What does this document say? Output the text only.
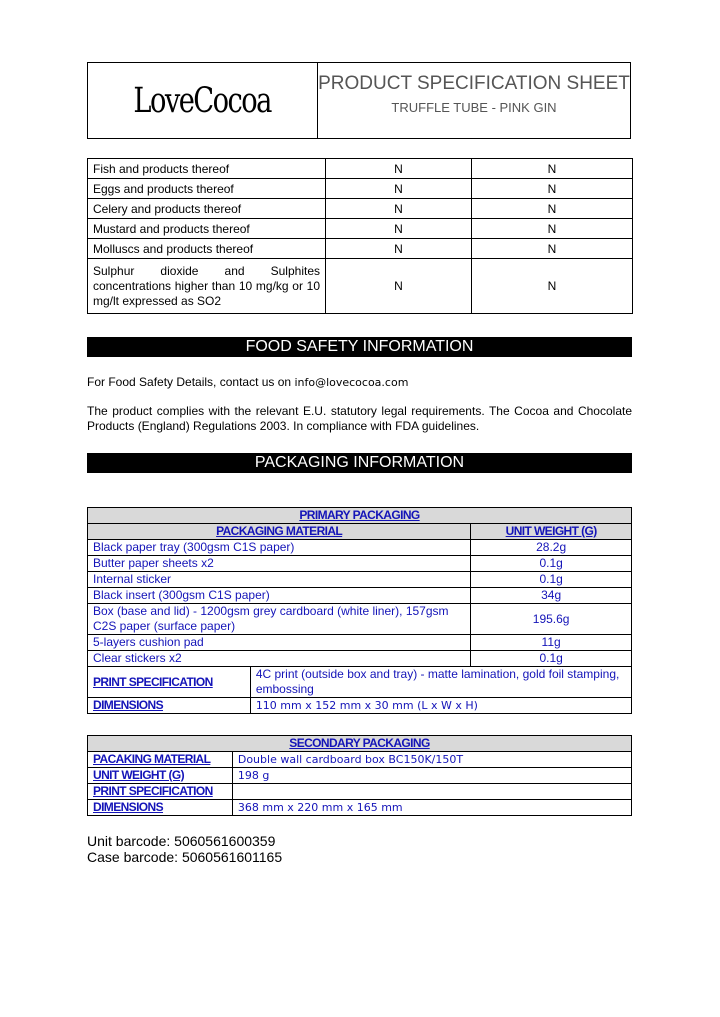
LoveCocoa PRODUCT SPECIFICATION SHEET
TRUFFLE TUBE - PINK GIN
Fish and products thereof	N	N
Eggs and products thereof	N	N
Celery and products thereof	N	N
Mustard and products thereof	N	N
Molluscs and products thereof	N	N
Sulphur dioxide and Sulphites concentrations higher than 10 mg/kg or 10 mg/lt expressed as SO2	N	N
FOOD SAFETY INFORMATION
For Food Safety Details, contact us on info@lovecocoa.com
The product complies with the relevant E.U. statutory legal requirements. The Cocoa and Chocolate Products (England) Regulations 2003. In compliance with FDA guidelines.
PACKAGING INFORMATION
PRIMARY PACKAGING		
PACKAGING MATERIAL		UNIT WEIGHT (G)
Black paper tray (300gsm C1S paper)		28.2g
Butter paper sheets x2		0.1g
Internal sticker		0.1g
Black insert (300gsm C1S paper)		34g
Box (base and lid) - 1200gsm grey cardboard (white liner), 157gsm C2S paper (surface paper)		195.6g
5-layers cushion pad		11g
Clear stickers x2		0.1g
PRINT SPECIFICATION	4C print (outside box and tray) - matte lamination, gold foil stamping, embossing	
DIMENSIONS	110 mm x 152 mm x 30 mm (L x W x H)	
SECONDARY PACKAGING	
PACAKING MATERIAL	Double wall cardboard box BC150K/150T
UNIT WEIGHT (G)	198 g
PRINT SPECIFICATION	
DIMENSIONS	368 mm x 220 mm x 165 mm
Unit barcode: 5060561600359
Case barcode: 5060561601165
